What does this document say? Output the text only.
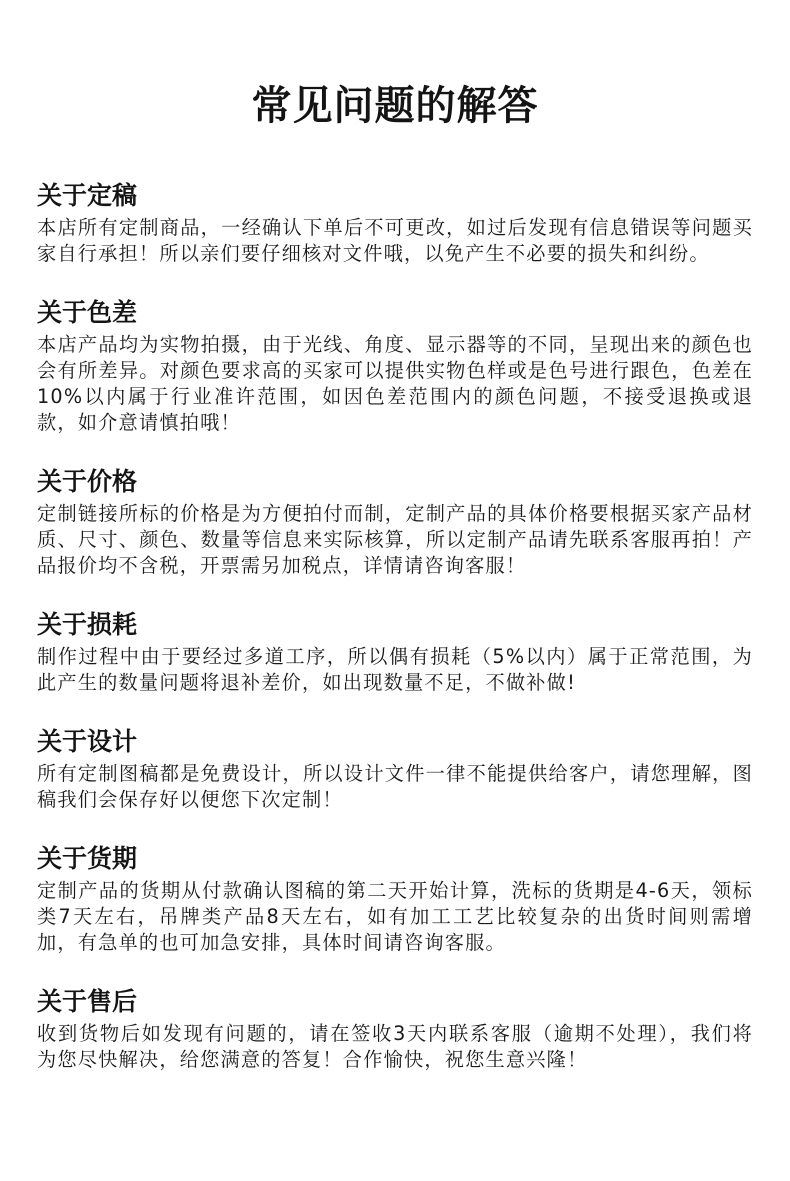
常见问题的解答
关于定稿

本店所有定制商品，一经确认下单后不可更改，如过后发现有信息错误等问题买家自行承担！所以亲们要仔细核对文件哦，以免产生不必要的损失和纠纷。

关于色差

本店产品均为实物拍摄，由于光线、角度、显示器等的不同，呈现出来的颜色也会有所差异。对颜色要求高的买家可以提供实物色样或是色号进行跟色，色差在10%以内属于行业准许范围，如因色差范围内的颜色问题，不接受退换或退款，如介意请慎拍哦！

关于价格

定制链接所标的价格是为方便拍付而制，定制产品的具体价格要根据买家产品材质、尺寸、颜色、数量等信息来实际核算，所以定制产品请先联系客服再拍！产品报价均不含税，开票需另加税点，详情请咨询客服！

关于损耗

制作过程中由于要经过多道工序，所以偶有损耗（5%以内）属于正常范围，为此产生的数量问题将退补差价，如出现数量不足，不做补做!

关于设计

所有定制图稿都是免费设计，所以设计文件一律不能提供给客户，请您理解，图稿我们会保存好以便您下次定制！

关于货期

定制产品的货期从付款确认图稿的第二天开始计算，洗标的货期是4-6天，领标类7天左右，吊牌类产品8天左右，如有加工工艺比较复杂的出货时间则需增加，有急单的也可加急安排，具体时间请咨询客服。

关于售后

收到货物后如发现有问题的，请在签收3天内联系客服（逾期不处理），我们将为您尽快解决，给您满意的答复！合作愉快，祝您生意兴隆！
